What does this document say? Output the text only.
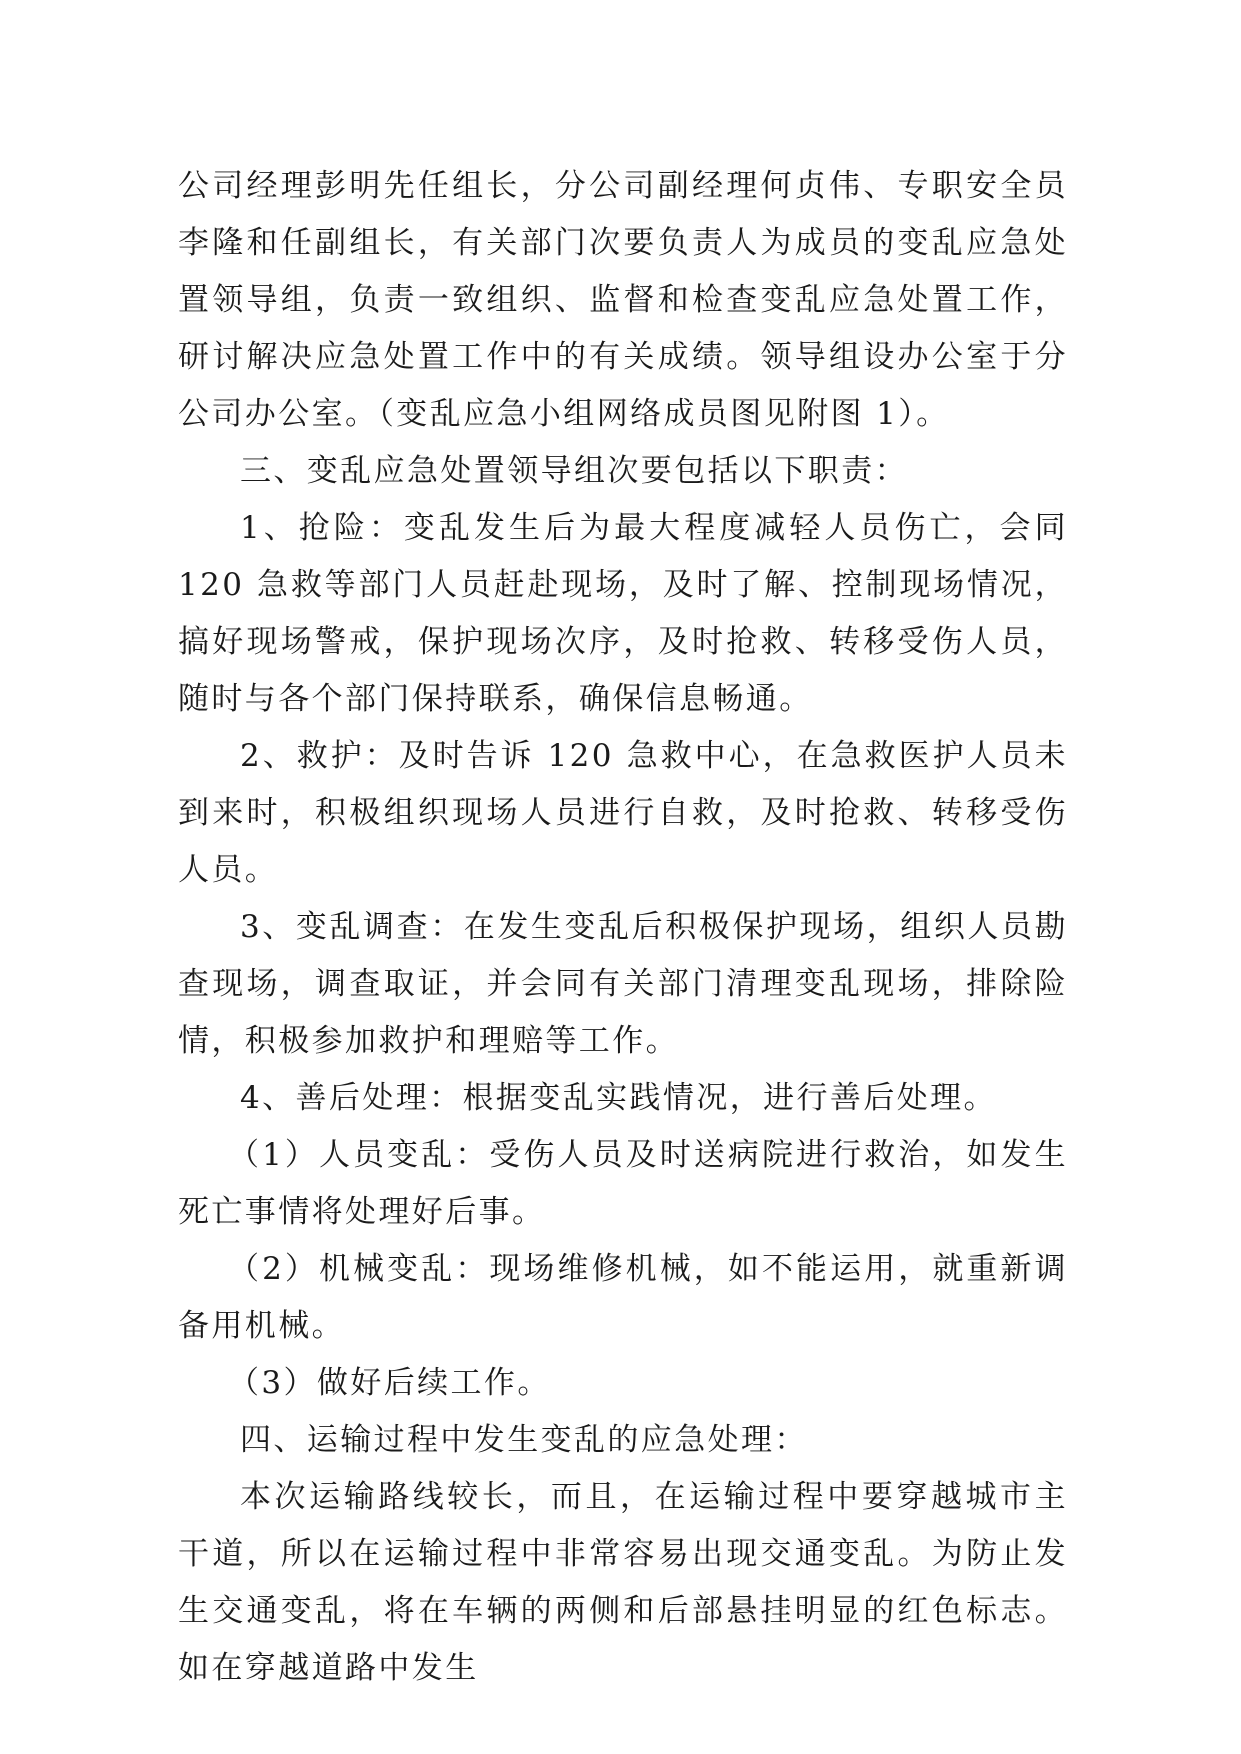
公司经理彭明先任组长，分公司副经理何贞伟、专职安全员李隆和任副组长，有关部门次要负责人为成员的变乱应急处置领导组，负责一致组织、监督和检查变乱应急处置工作，研讨解决应急处置工作中的有关成绩。领导组设办公室于分公司办公室。（变乱应急小组网络成员图见附图 1）。

三、变乱应急处置领导组次要包括以下职责：

1、抢险：变乱发生后为最大程度减轻人员伤亡，会同 120 急救等部门人员赶赴现场，及时了解、控制现场情况，搞好现场警戒，保护现场次序，及时抢救、转移受伤人员，随时与各个部门保持联系，确保信息畅通。

2、救护：及时告诉 120 急救中心，在急救医护人员未到来时，积极组织现场人员进行自救，及时抢救、转移受伤人员。

3、变乱调查：在发生变乱后积极保护现场，组织人员勘查现场，调查取证，并会同有关部门清理变乱现场，排除险情，积极参加救护和理赔等工作。

4、善后处理：根据变乱实践情况，进行善后处理。

（1）人员变乱：受伤人员及时送病院进行救治，如发生死亡事情将处理好后事。

（2）机械变乱：现场维修机械，如不能运用，就重新调备用机械。

（3）做好后续工作。

四、运输过程中发生变乱的应急处理：

本次运输路线较长，而且，在运输过程中要穿越城市主干道，所以在运输过程中非常容易出现交通变乱。为防止发生交通变乱，将在车辆的两侧和后部悬挂明显的红色标志。如在穿越道路中发生
